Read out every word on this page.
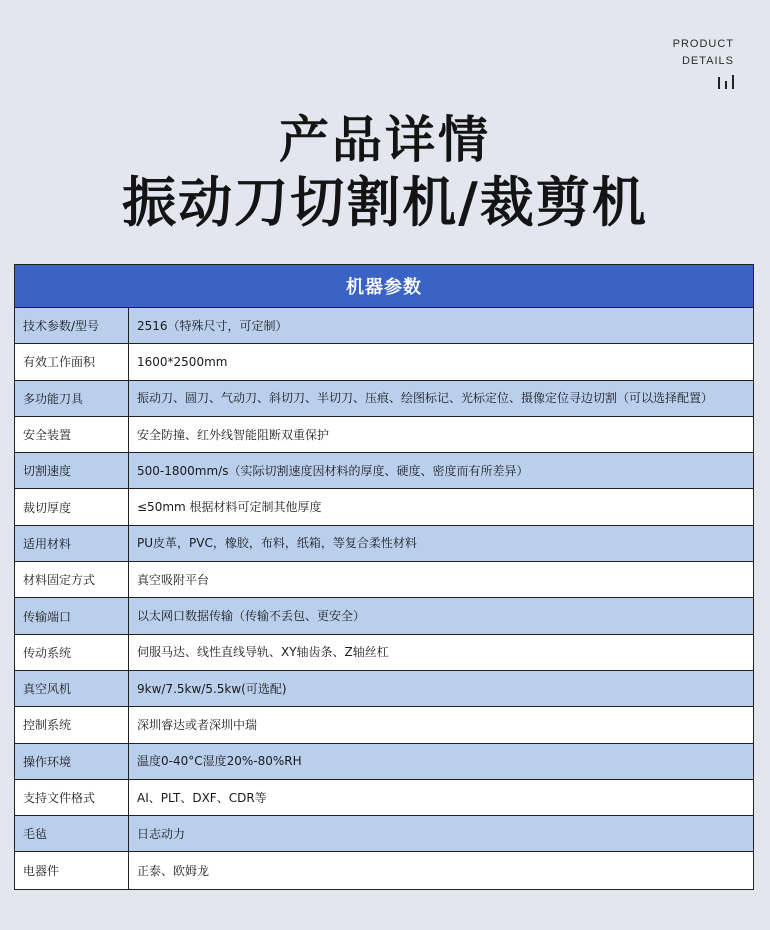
PRODUCT
DETAILS
产品详情
振动刀切割机/裁剪机
机器参数
技术参数/型号	2516（特殊尺寸，可定制）
有效工作面积	1600*2500mm
多功能刀具	振动刀、圆刀、气动刀、斜切刀、半切刀、压痕、绘图标记、光标定位、摄像定位寻边切割（可以选择配置）
安全装置	安全防撞、红外线智能阻断双重保护
切割速度	500-1800mm/s（实际切割速度因材料的厚度、硬度、密度而有所差异）
裁切厚度	≤50mm 根据材料可定制其他厚度
适用材料	PU皮革，PVC，橡胶，布料，纸箱，等复合柔性材料
材料固定方式	真空吸附平台
传输端口	以太网口数据传输（传输不丢包、更安全）
传动系统	伺服马达、线性直线导轨、XY轴齿条、Z轴丝杠
真空风机	9kw/7.5kw/5.5kw(可选配)
控制系统	深圳睿达或者深圳中瑞
操作环境	温度0-40°C湿度20%-80%RH
支持文件格式	AI、PLT、DXF、CDR等
毛毡	日志动力
电器件	正泰、欧姆龙
